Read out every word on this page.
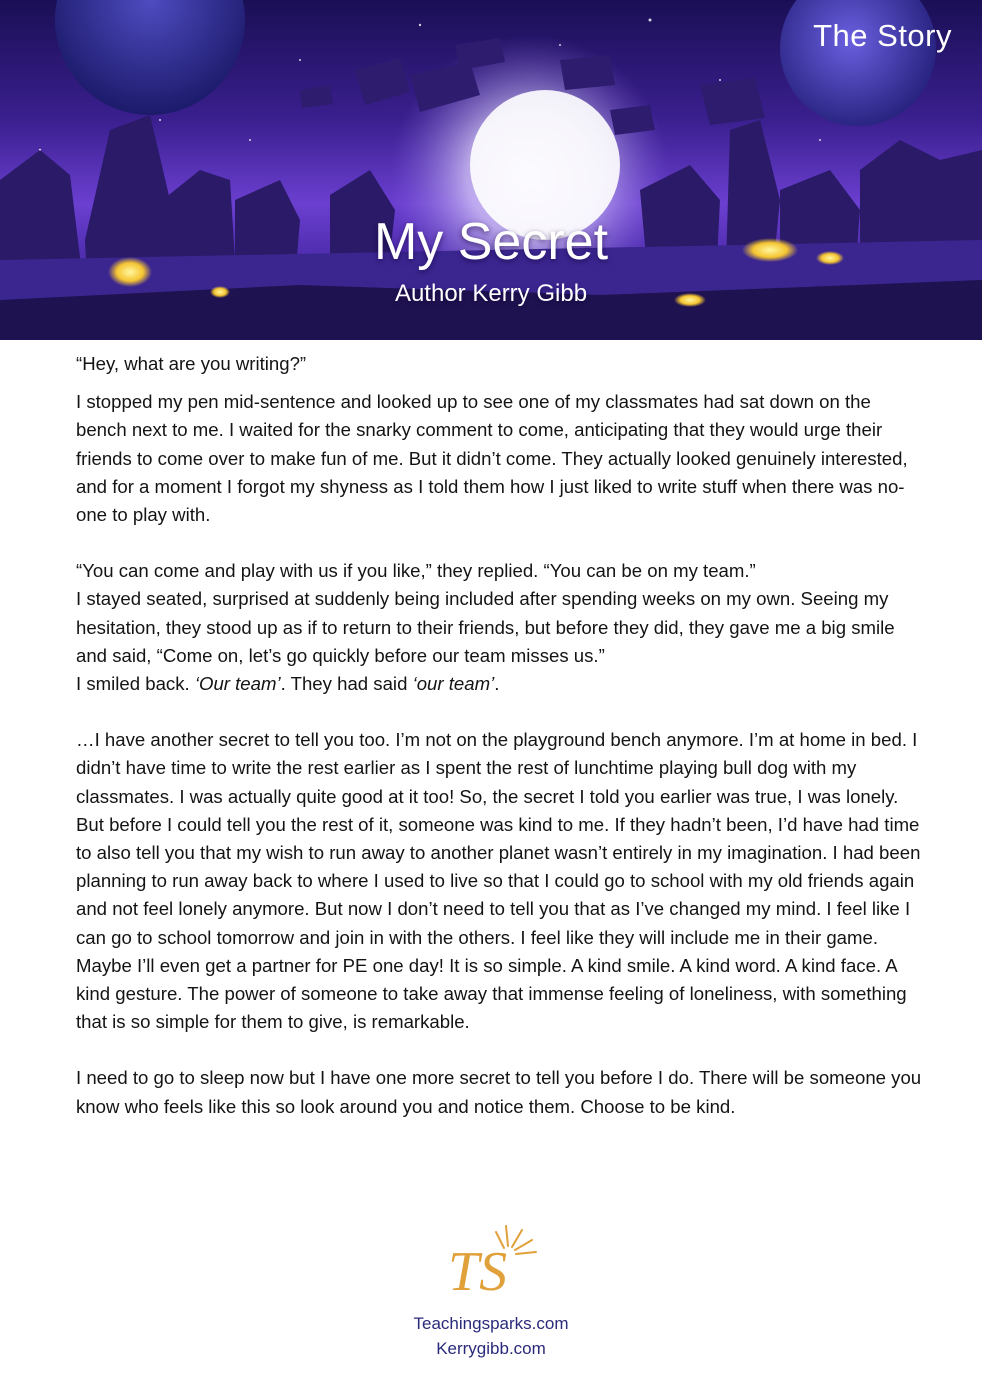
The Story
My Secret
Author Kerry Gibb

“Hey, what are you writing?”

I stopped my pen mid-sentence and looked up to see one of my classmates had sat down on the bench next to me. I waited for the snarky comment to come, anticipating that they would urge their friends to come over to make fun of me. But it didn’t come. They actually looked genuinely interested, and for a moment I forgot my shyness as I told them how I just liked to write stuff when there was no-one to play with.

“You can come and play with us if you like,” they replied. “You can be on my team.”

I stayed seated, surprised at suddenly being included after spending weeks on my own. Seeing my hesitation, they stood up as if to return to their friends, but before they did, they gave me a big smile and said, “Come on, let’s go quickly before our team misses us.”

I smiled back. ‘Our team’. They had said ‘our team’.

…I have another secret to tell you too. I’m not on the playground bench anymore. I’m at home in bed. I didn’t have time to write the rest earlier as I spent the rest of lunchtime playing bull dog with my classmates. I was actually quite good at it too! So, the secret I told you earlier was true, I was lonely. But before I could tell you the rest of it, someone was kind to me. If they hadn’t been, I’d have had time to also tell you that my wish to run away to another planet wasn’t entirely in my imagination. I had been planning to run away back to where I used to live so that I could go to school with my old friends again and not feel lonely anymore. But now I don’t need to tell you that as I’ve changed my mind. I feel like I can go to school tomorrow and join in with the others. I feel like they will include me in their game. Maybe I’ll even get a partner for PE one day! It is so simple. A kind smile. A kind word. A kind face. A kind gesture. The power of someone to take away that immense feeling of loneliness, with something that is so simple for them to give, is remarkable.

I need to go to sleep now but I have one more secret to tell you before I do. There will be someone you know who feels like this so look around you and notice them. Choose to be kind.

TS
Teachingsparks.com
Kerrygibb.com
